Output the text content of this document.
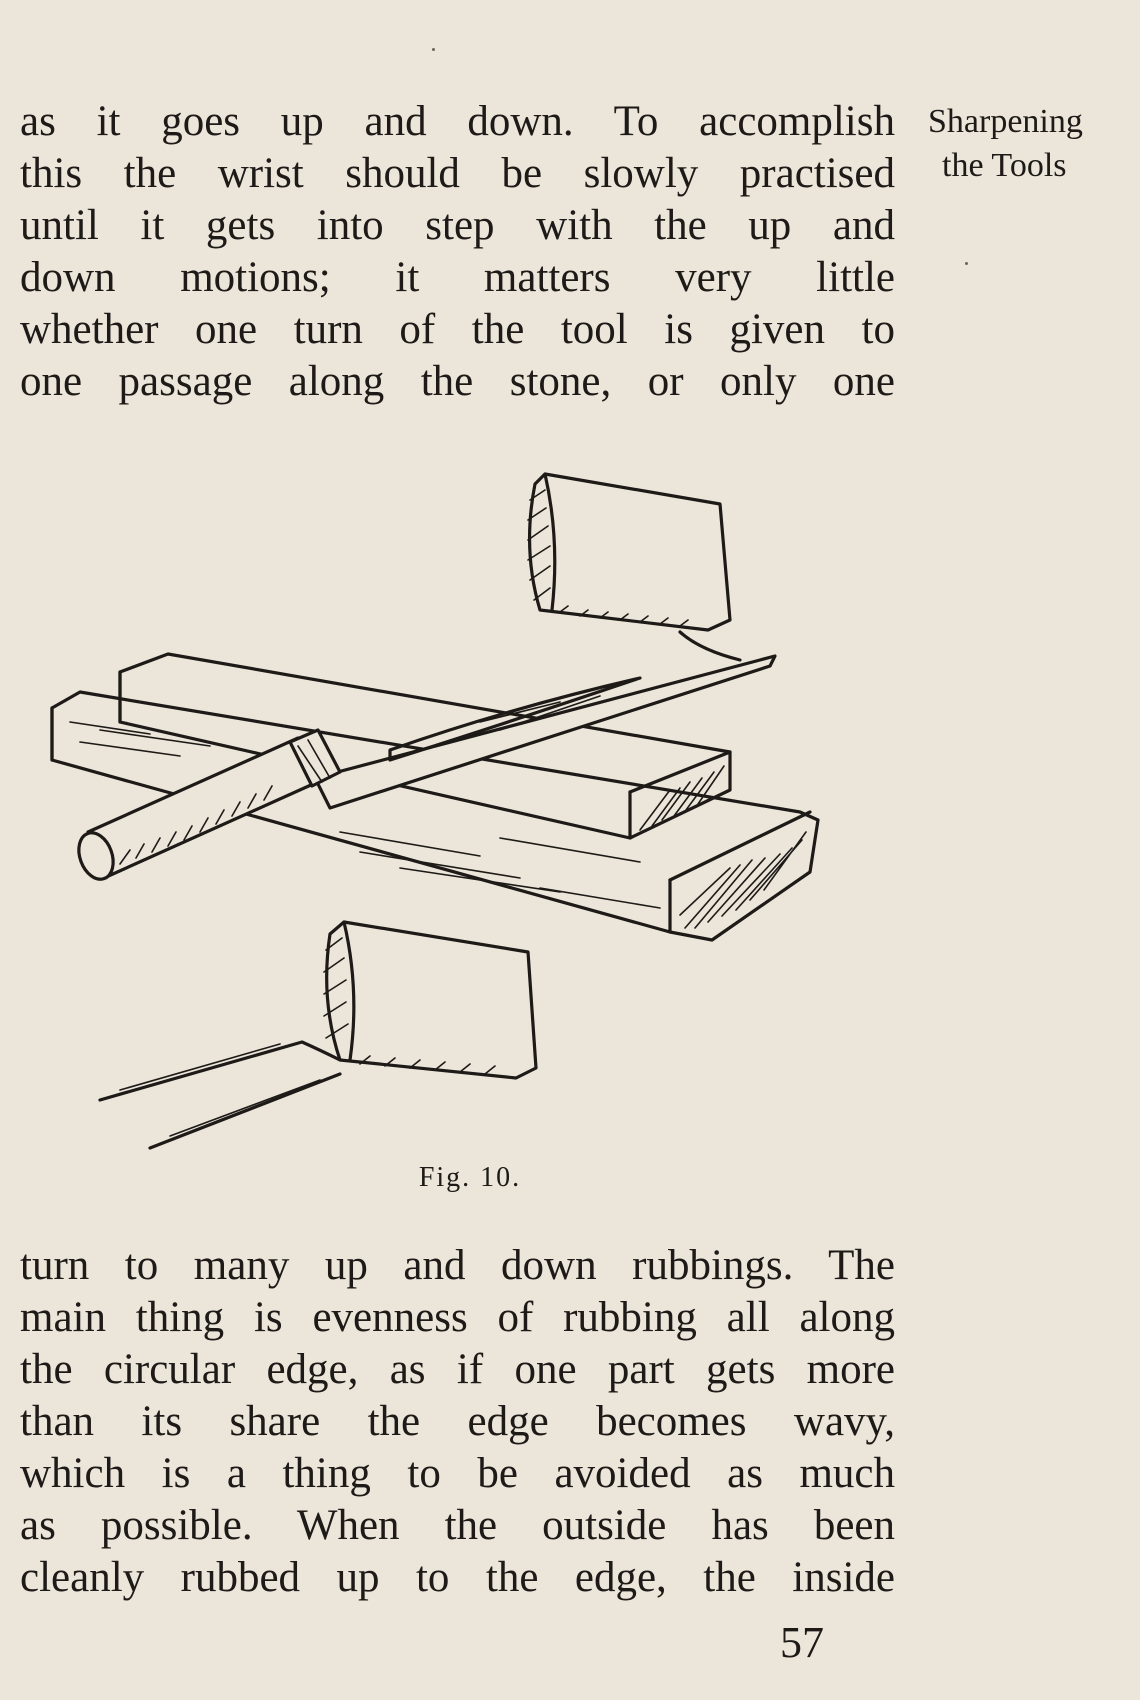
Sharpening
the Tools
as it goes up and down. To accomplish
this the wrist should be slowly practised
until it gets into step with the up and
down motions; it matters very little
whether one turn of the tool is given to
one passage along the stone, or only one
Fig. 10.
turn to many up and down rubbings. The
main thing is evenness of rubbing all along
the circular edge, as if one part gets more
than its share the edge becomes wavy,
which is a thing to be avoided as much
as possible. When the outside has been
cleanly rubbed up to the edge, the inside
57
